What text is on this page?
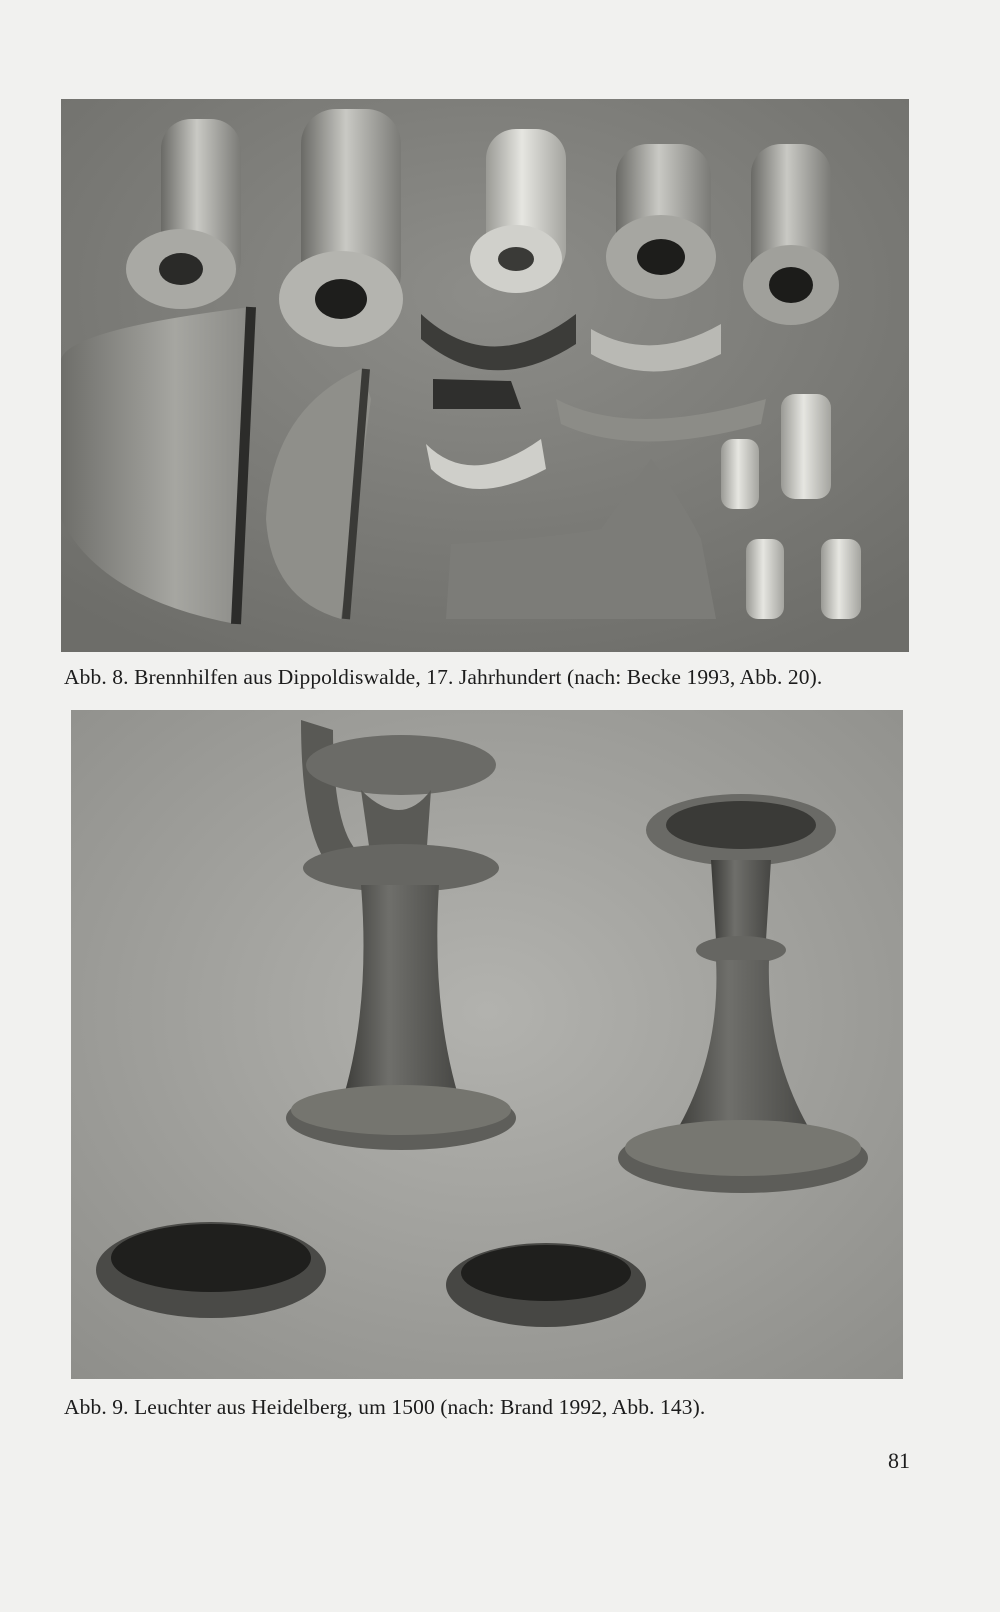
Abb. 8. Brennhilfen aus Dippoldiswalde, 17. Jahrhundert (nach: Becke 1993, Abb. 20).
Abb. 9. Leuchter aus Heidelberg, um 1500 (nach: Brand 1992, Abb. 143).
81
